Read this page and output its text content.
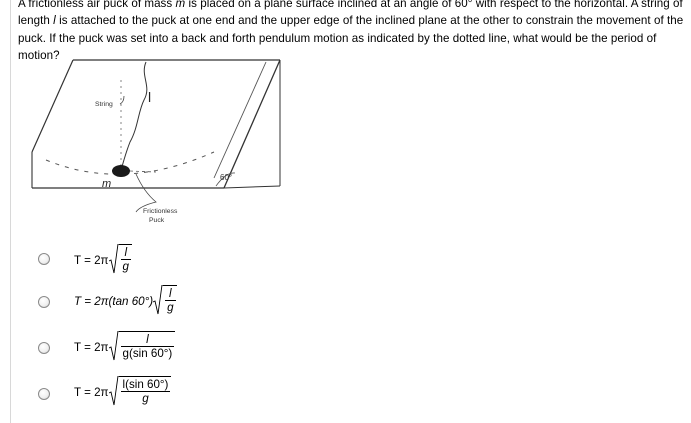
A frictionless air puck of mass m is placed on a plane surface inclined at an angle of 60° with respect to the horizontal. A string of length l is attached to the puck at one end and the upper edge of the inclined plane at the other to constrain the movement of the puck. If the puck was set into a back and forth pendulum motion as indicated by the dotted line, what would be the period of motion?
60°
String	l
m
Frictionless
Puck
$T = 2\pi \frac{l}{g}$
T = 2π(tan $60^\circ) \frac{l}{g}$
$T = 2\pi \frac{l}{g(\sin 60^\circ)}$
$T = 2\pi \frac{l(\sin 60^\circ)}{g}$
